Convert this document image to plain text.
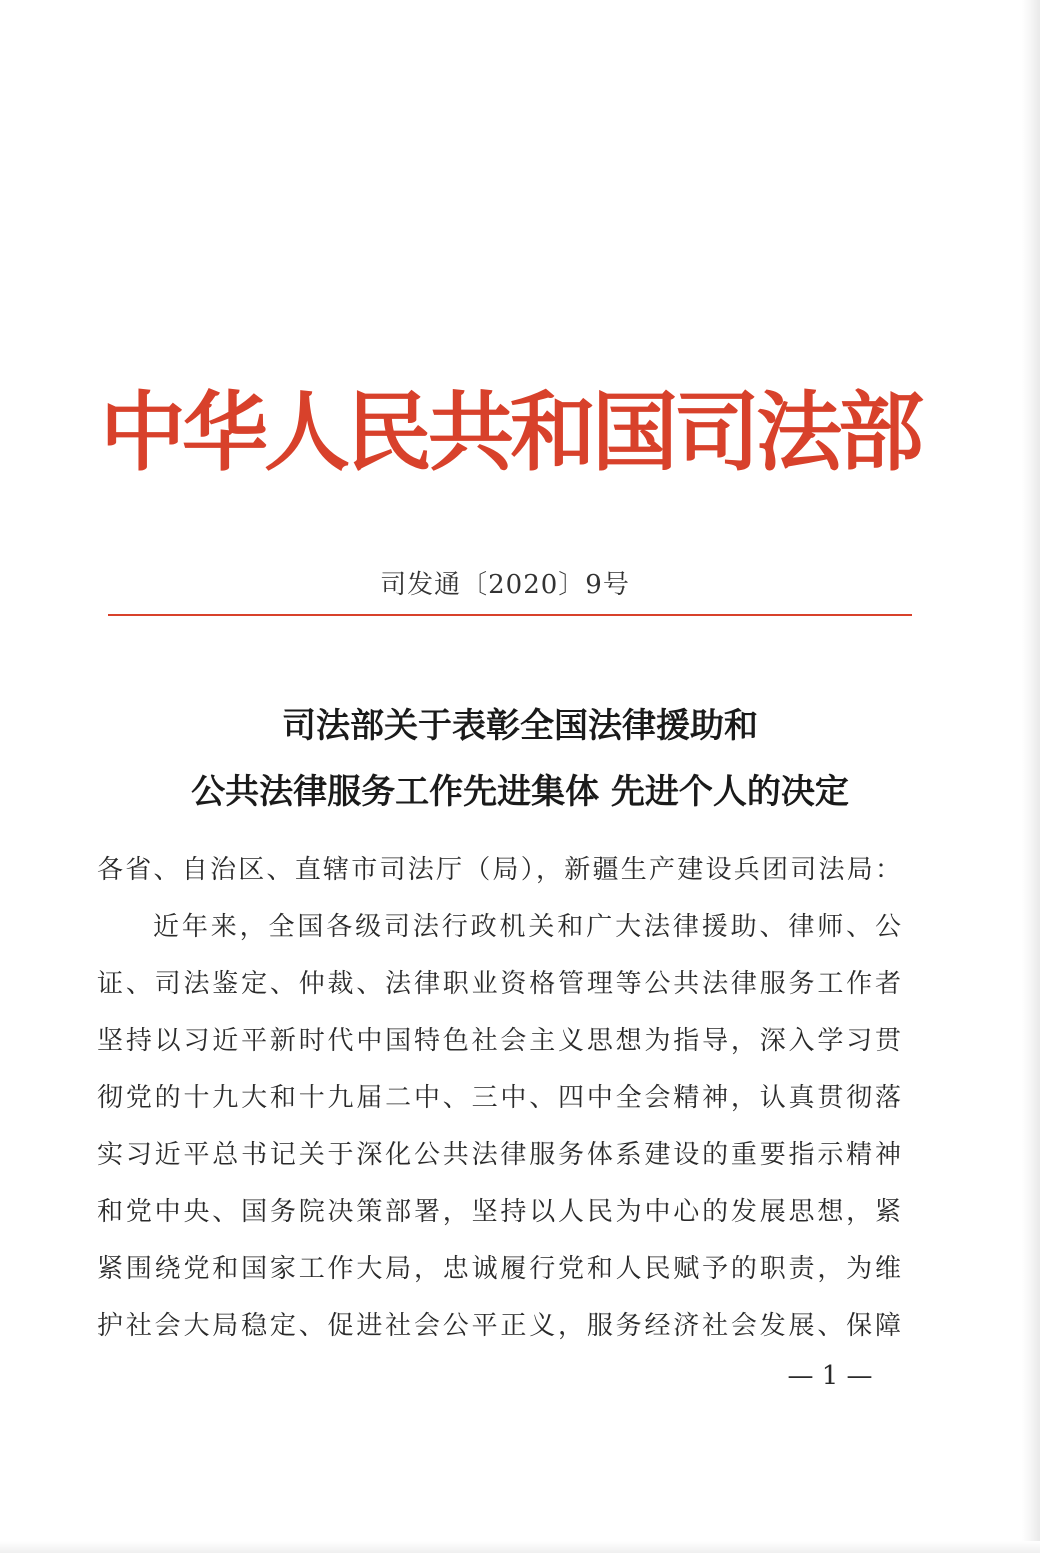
中华人民共和国司法部
司发通〔2020〕9号
司法部关于表彰全国法律援助和
公共法律服务工作先进集体 先进个人的决定
各省、自治区、直辖市司法厅（局），新疆生产建设兵团司法局：
近年来，全国各级司法行政机关和广大法律援助、律师、公
证、司法鉴定、仲裁、法律职业资格管理等公共法律服务工作者
坚持以习近平新时代中国特色社会主义思想为指导，深入学习贯
彻党的十九大和十九届二中、三中、四中全会精神，认真贯彻落
实习近平总书记关于深化公共法律服务体系建设的重要指示精神
和党中央、国务院决策部署，坚持以人民为中心的发展思想，紧
紧围绕党和国家工作大局，忠诚履行党和人民赋予的职责，为维
护社会大局稳定、促进社会公平正义，服务经济社会发展、保障
— 1 —
